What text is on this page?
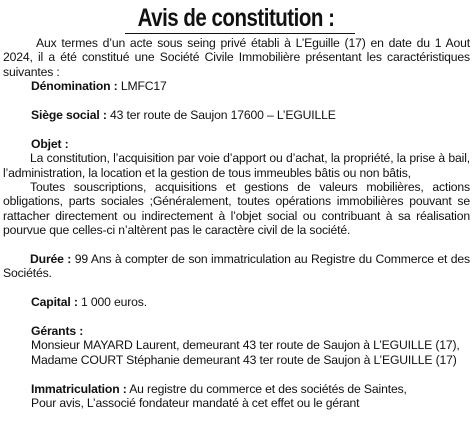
Avis de constitution :

Aux termes d’un acte sous seing privé établi à L’Eguille (17) en date du 1 Aout 2024, il a été constitué une Société Civile Immobilière présentant les caractéristiques suivantes :

Dénomination : LMFC17
Siège social : 43 ter route de Saujon 17600 – L’EGUILLE
Objet :

La constitution, l’acquisition par voie d’apport ou d’achat, la propriété, la prise à bail, l’administration, la location et la gestion de tous immeubles bâtis ou non bâtis,

Toutes souscriptions, acquisitions et gestions de valeurs mobilières, actions obligations, parts sociales ;Généralement, toutes opérations immobilières pouvant se rattacher directement ou indirectement à l’objet social ou contribuant à sa réalisation pourvue que celles-ci n’altèrent pas le caractère civil de la société.

Durée : 99 Ans à compter de son immatriculation au Registre du Commerce et des Sociétés.

Capital : 1 000 euros.
Gérants :
Monsieur MAYARD Laurent, demeurant 43 ter route de Saujon à L’EGUILLE (17),
Madame COURT Stéphanie demeurant 43 ter route de Saujon à L’EGUILLE (17)
Immatriculation : Au registre du commerce et des sociétés de Saintes,
Pour avis, L’associé fondateur mandaté à cet effet ou le gérant
